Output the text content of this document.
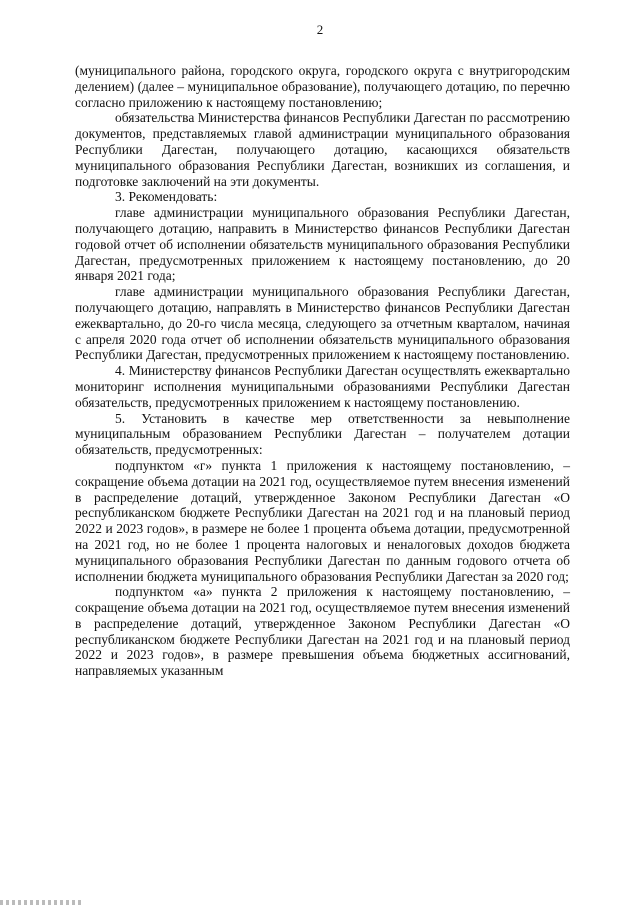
2

(муниципального района, городского округа, городского округа с внутригородским делением) (далее – муниципальное образование), получающего дотацию, по перечню согласно приложению к настоящему постановлению;

обязательства Министерства финансов Республики Дагестан по рассмотрению документов, представляемых главой администрации муниципального образования Республики Дагестан, получающего дотацию, касающихся обязательств муниципального образования Республики Дагестан, возникших из соглашения, и подготовке заключений на эти документы.

3. Рекомендовать:

главе администрации муниципального образования Республики Дагестан, получающего дотацию, направить в Министерство финансов Республики Дагестан годовой отчет об исполнении обязательств муниципального образования Республики Дагестан, предусмотренных приложением к настоящему постановлению, до 20 января 2021 года;

главе администрации муниципального образования Республики Дагестан, получающего дотацию, направлять в Министерство финансов Республики Дагестан ежеквартально, до 20-го числа месяца, следующего за отчетным кварталом, начиная с апреля 2020 года отчет об исполнении обязательств муниципального образования Республики Дагестан, предусмотренных приложением к настоящему постановлению.

4. Министерству финансов Республики Дагестан осуществлять ежеквартально мониторинг исполнения муниципальными образованиями Республики Дагестан обязательств, предусмотренных приложением к настоящему постановлению.

5. Установить в качестве мер ответственности за невыполнение муниципальным образованием Республики Дагестан – получателем дотации обязательств, предусмотренных:

подпунктом «г» пункта 1 приложения к настоящему постановлению, – сокращение объема дотации на 2021 год, осуществляемое путем внесения изменений в распределение дотаций, утвержденное Законом Республики Дагестан «О республиканском бюджете Республики Дагестан на 2021 год и на плановый период 2022 и 2023 годов», в размере не более 1 процента объема дотации, предусмотренной на 2021 год, но не более 1 процента налоговых и неналоговых доходов бюджета муниципального образования Республики Дагестан по данным годового отчета об исполнении бюджета муниципального образования Республики Дагестан за 2020 год;

подпунктом «а» пункта 2 приложения к настоящему постановлению, – сокращение объема дотации на 2021 год, осуществляемое путем внесения изменений в распределение дотаций, утвержденное Законом Республики Дагестан «О республиканском бюджете Республики Дагестан на 2021 год и на плановый период 2022 и 2023 годов», в размере превышения объема бюджетных ассигнований, направляемых указанным
